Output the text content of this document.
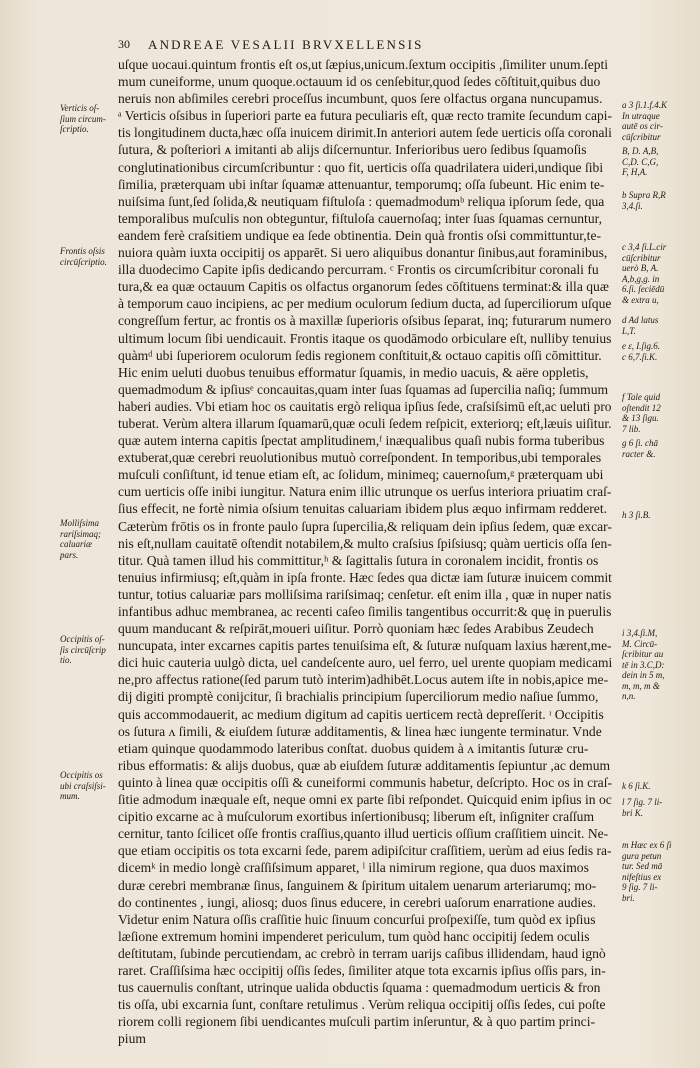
30 ANDREAE VESALII BRVXELLENSIS
uſque uocaui.quintum frontis eſt os,ut ſæpius,unicum.ſextum occipitis ,ſimiliter unum.ſepti
mum cuneiforme, unum quoque.octauum id os cenſebitur,quod ſedes cōſtituit,quibus duo
neruis non abſimiles cerebri proceſſus incumbunt, quos ſere olfactus organa nuncupamus.
ᵃ Verticis oſsibus in ſuperiori parte ea futura peculiaris eſt, quæ recto tramite ſecundum capi-
tis longitudinem ducta,hæc oſſa inuicem dirimit.In anteriori autem ſede uerticis oſſa coronali
ſutura, & poſteriori ᴀ imitanti ab alijs diſcernuntur. Inferioribus uero ſedibus ſquamoſis
conglutinationibus circumſcribuntur : quo fit, uerticis oſſa quadrilatera uideri,undique ſibi
ſimilia, præterquam ubi inſtar ſquamæ attenuantur, temporumq; oſſa ſubeunt. Hic enim te-
nuiſsima ſunt,ſed ſolida,& neutiquam fiſtuloſa : quemadmodumᵇ reliqua ipſorum ſede, qua
temporalibus muſculis non obteguntur, fiſtuloſa cauernoſaq; inter ſuas ſquamas cernuntur,
eandem ferè craſsitiem undique ea ſede obtinentia. Dein quà frontis oſsi committuntur,te-
nuiora quàm iuxta occipitij os apparēt. Si uero aliquibus donantur ſinibus,aut foraminibus,
illa duodecimo Capite ipſis dedicando percurram. ᶜ Frontis os circumſcribitur coronali fu
tura,& ea quæ octauum Capitis os olfactus organorum ſedes cōſtituens terminat:& illa quæ
à temporum cauo incipiens, ac per medium oculorum ſedium ducta, ad ſuperciliorum uſque
congreſſum fertur, ac frontis os à maxillæ ſuperioris oſsibus ſeparat, inq; futurarum numero
ultimum locum ſibi uendicauit. Frontis itaque os quodāmodo orbiculare eſt, nulliby tenuius
quàmᵈ ubi ſuperiorem oculorum ſedis regionem conſtituit,& octauo capitis oſſi cōmittitur.
Hic enim ueluti duobus tenuibus efformatur ſquamis, in medio uacuis, & aëre oppletis,
quemadmodum & ipſiusᵉ concauitas,quam inter ſuas ſquamas ad ſupercilia naſiq; ſummum
haberi audies. Vbi etiam hoc os cauitatis ergò reliqua ipſius ſede, craſsiſsimū eſt,ac ueluti pro
tuberat. Verùm altera illarum ſquamarū,quæ oculi ſedem reſpicit, exteriorq; eſt,læuis uiſitur.
quæ autem interna capitis ſpectat amplitudinem,ᶠ inæqualibus quaſi nubis forma tuberibus
extuberat,quæ cerebri reuolutionibus mutuò correſpondent. In temporibus,ubi temporales
muſculi conſiſtunt, id tenue etiam eſt, ac ſolidum, minimeq; cauernoſum,ᵍ præterquam ubi
cum uerticis oſſe inibi iungitur. Natura enim illic utrunque os uerſus interiora priuatim craſ-
ſius effecit, ne fortè nimia oſsium tenuitas caluariam ibidem plus æquo infirmam redderet.
Cæterùm frōtis os in fronte paulo ſupra ſupercilia,& reliquam dein ipſius ſedem, quæ excar-
nis eſt,nullam cauitatē oſtendit notabilem,& multo craſsius ſpiſsiusq; quàm uerticis oſſa ſen-
titur. Quà tamen illud his committitur,ʰ & ſagittalis ſutura in coronalem incidit, frontis os
tenuius infirmiusq; eſt,quàm in ipſa fronte. Hæc ſedes qua dictæ iam ſuturæ inuicem commit
tuntur, totius caluariæ pars molliſsima rariſsimaq; cenſetur. eſt enim illa , quæ in nuper natis
infantibus adhuc membranea, ac recenti caſeo ſimilis tangentibus occurrit:& quę in puerulis
quum manducant & reſpirāt,moueri uiſitur. Porrò quoniam hæc ſedes Arabibus Zeudech
nuncupata, inter excarnes capitis partes tenuiſsima eſt, & ſuturæ nuſquam laxius hærent,me-
dici huic cauteria uulgò dicta, uel candeſcente auro, uel ferro, uel urente quopiam medicami
ne,pro affectus ratione(ſed parum tutò interim)adhibēt.Locus autem iſte in nobis,apice me-
dij digiti promptè conijcitur, ſi brachialis principium ſuperciliorum medio naſiue ſummo,
quis accommodauerit, ac medium digitum ad capitis uerticem rectà depreſſerit. ᶦ Occipitis
os ſutura ᴧ ſimili, & eiuſdem ſuturæ additamentis, & linea hæc iungente terminatur. Vnde
etiam quinque quodammodo lateribus conſtat. duobus quidem à ᴧ imitantis ſuturæ cru-
ribus efformatis: & alijs duobus, quæ ab eiuſdem ſuturæ additamentis ſepiuntur ,ac demum
quinto à linea quæ occipitis oſſi & cuneiformi communis habetur, deſcripto. Hoc os in craſ-
ſitie admodum inæquale eſt, neque omni ex parte ſibi reſpondet. Quicquid enim ipſius in oc
cipitio excarne ac à muſculorum exortibus inſertionibusq; liberum eſt, inſigniter craſſum
cernitur, tanto ſcilicet oſſe frontis craſſius,quanto illud uerticis oſſium craſſitiem uincit. Ne-
que etiam occipitis os tota excarni ſede, parem adipiſcitur craſſitiem, uerùm ad eius ſedis ra-
dicemᵏ in medio longè craſſiſsimum apparet, ˡ illa nimirum regione, qua duos maximos
duræ cerebri membranæ ſinus, ſanguinem & ſpiritum uitalem uenarum arteriarumq; mo-
do continentes , iungi, aliosq; duos ſinus educere, in cerebri uaſorum enarratione audies.
Videtur enim Natura oſſis craſſitie huic ſinuum concurſui proſpexiſſe, tum quòd ex ipſius
læſione extremum homini impenderet periculum, tum quòd hanc occipitij ſedem oculis
deſtitutam, ſubinde percutiendam, ac crebrò in terram uarijs caſibus illidendam, haud ignò
raret. Craſſiſsima hæc occipitij oſſis ſedes, ſimiliter atque tota excarnis ipſius oſſis pars, in-
tus cauernulis conſtant, utrinque ualida obductis ſquama : quemadmodum uerticis & fron
tis oſſa, ubi excarnia ſunt, conſtare retulimus . Verùm reliqua occipitij oſſis ſedes, cui poſte
riorem colli regionem ſibi uendicantes muſculi partim inſeruntur, & à quo partim princi-
pium
Verticis oſ-
ſium circum-
ſcriptio.
Frontis oſsis
circūſcriptio.
Molliſsima
rariſsimaq;
caluariæ
pars.
Occipitis oſ-
ſis circūſcrip
tio.
Occipitis os
ubi craſsiſsi-
mum.
a 3 ſi.1.f.4.K
In utraque
autē os cir-
cūſcribitur
B, D. A,B,
C,D. C,G,
F, H,A.
b Supra R,R
3,4.ſi.
c 3,4 ſi.L.cir
cūſcribitur
uerò B, A.
A,b,g,g. in
6.ſi. ſeciēdū
& extra u,
d Ad latus
L,T.
e ε, I.ſig.6.
c 6,7.ſi.K.
f Tale quid
oſtendit 12
& 13 ſigu.
7 lib.
g 6 ſi. chā
racter &.
h 3 ſi.B.
i 3,4.ſi.M,
M. Circū-
ſcribitur au
tē in 3.C,D:
dein in 5 m,
m, m, m &
n,n.
k 6 ſi.K.
l 7 ſig. 7 li-
bri K.
m Hæc ex 6 ſi
gura petun
tur. Sed mā
nifeſtius ex
9 ſig. 7 li-
bri.
